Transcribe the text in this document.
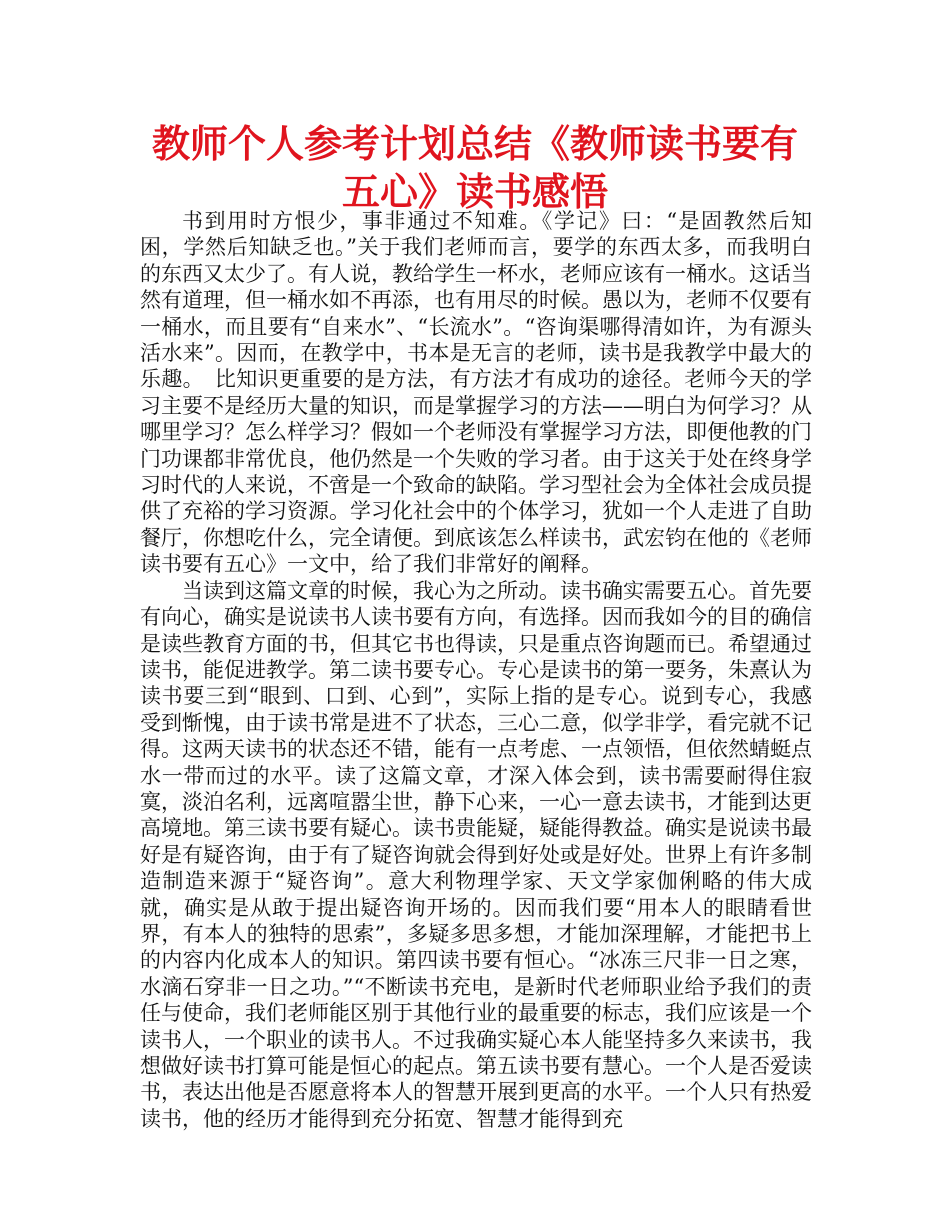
教师个人参考计划总结《教师读书要有五心》读书感悟

书到用时方恨少，事非通过不知难。《学记》曰：“是固教然后知困，学然后知缺乏也。”关于我们老师而言，要学的东西太多，而我明白的东西又太少了。有人说，教给学生一杯水，老师应该有一桶水。这话当然有道理，但一桶水如不再添，也有用尽的时候。愚以为，老师不仅要有一桶水，而且要有“自来水”、“长流水”。“咨询渠哪得清如许，为有源头活水来”。因而，在教学中，书本是无言的老师，读书是我教学中最大的乐趣。　比知识更重要的是方法，有方法才有成功的途径。老师今天的学习主要不是经历大量的知识，而是掌握学习的方法——明白为何学习？从哪里学习？怎么样学习？假如一个老师没有掌握学习方法，即便他教的门门功课都非常优良，他仍然是一个失败的学习者。由于这关于处在终身学习时代的人来说，不啻是一个致命的缺陷。学习型社会为全体社会成员提供了充裕的学习资源。学习化社会中的个体学习，犹如一个人走进了自助餐厅，你想吃什么，完全请便。到底该怎么样读书，武宏钧在他的《老师读书要有五心》一文中，给了我们非常好的阐释。

当读到这篇文章的时候，我心为之所动。读书确实需要五心。首先要有向心，确实是说读书人读书要有方向，有选择。因而我如今的目的确信是读些教育方面的书，但其它书也得读，只是重点咨询题而已。希望通过读书，能促进教学。第二读书要专心。专心是读书的第一要务，朱熹认为读书要三到“眼到、口到、心到”，实际上指的是专心。说到专心，我感受到惭愧，由于读书常是进不了状态，三心二意，似学非学，看完就不记得。这两天读书的状态还不错，能有一点考虑、一点领悟，但依然蜻蜓点水一带而过的水平。读了这篇文章，才深入体会到，读书需要耐得住寂寞，淡泊名利，远离喧嚣尘世，静下心来，一心一意去读书，才能到达更高境地。第三读书要有疑心。读书贵能疑，疑能得教益。确实是说读书最好是有疑咨询，由于有了疑咨询就会得到好处或是好处。世界上有许多制造制造来源于“疑咨询”。意大利物理学家、天文学家伽俐略的伟大成就，确实是从敢于提出疑咨询开场的。因而我们要“用本人的眼睛看世界，有本人的独特的思索”，多疑多思多想，才能加深理解，才能把书上的内容内化成本人的知识。第四读书要有恒心。“冰冻三尺非一日之寒，水滴石穿非一日之功。”“不断读书充电，是新时代老师职业给予我们的责任与使命，我们老师能区别于其他行业的最重要的标志，我们应该是一个读书人，一个职业的读书人。不过我确实疑心本人能坚持多久来读书，我想做好读书打算可能是恒心的起点。第五读书要有慧心。一个人是否爱读书，表达出他是否愿意将本人的智慧开展到更高的水平。一个人只有热爱读书，他的经历才能得到充分拓宽、智慧才能得到充
